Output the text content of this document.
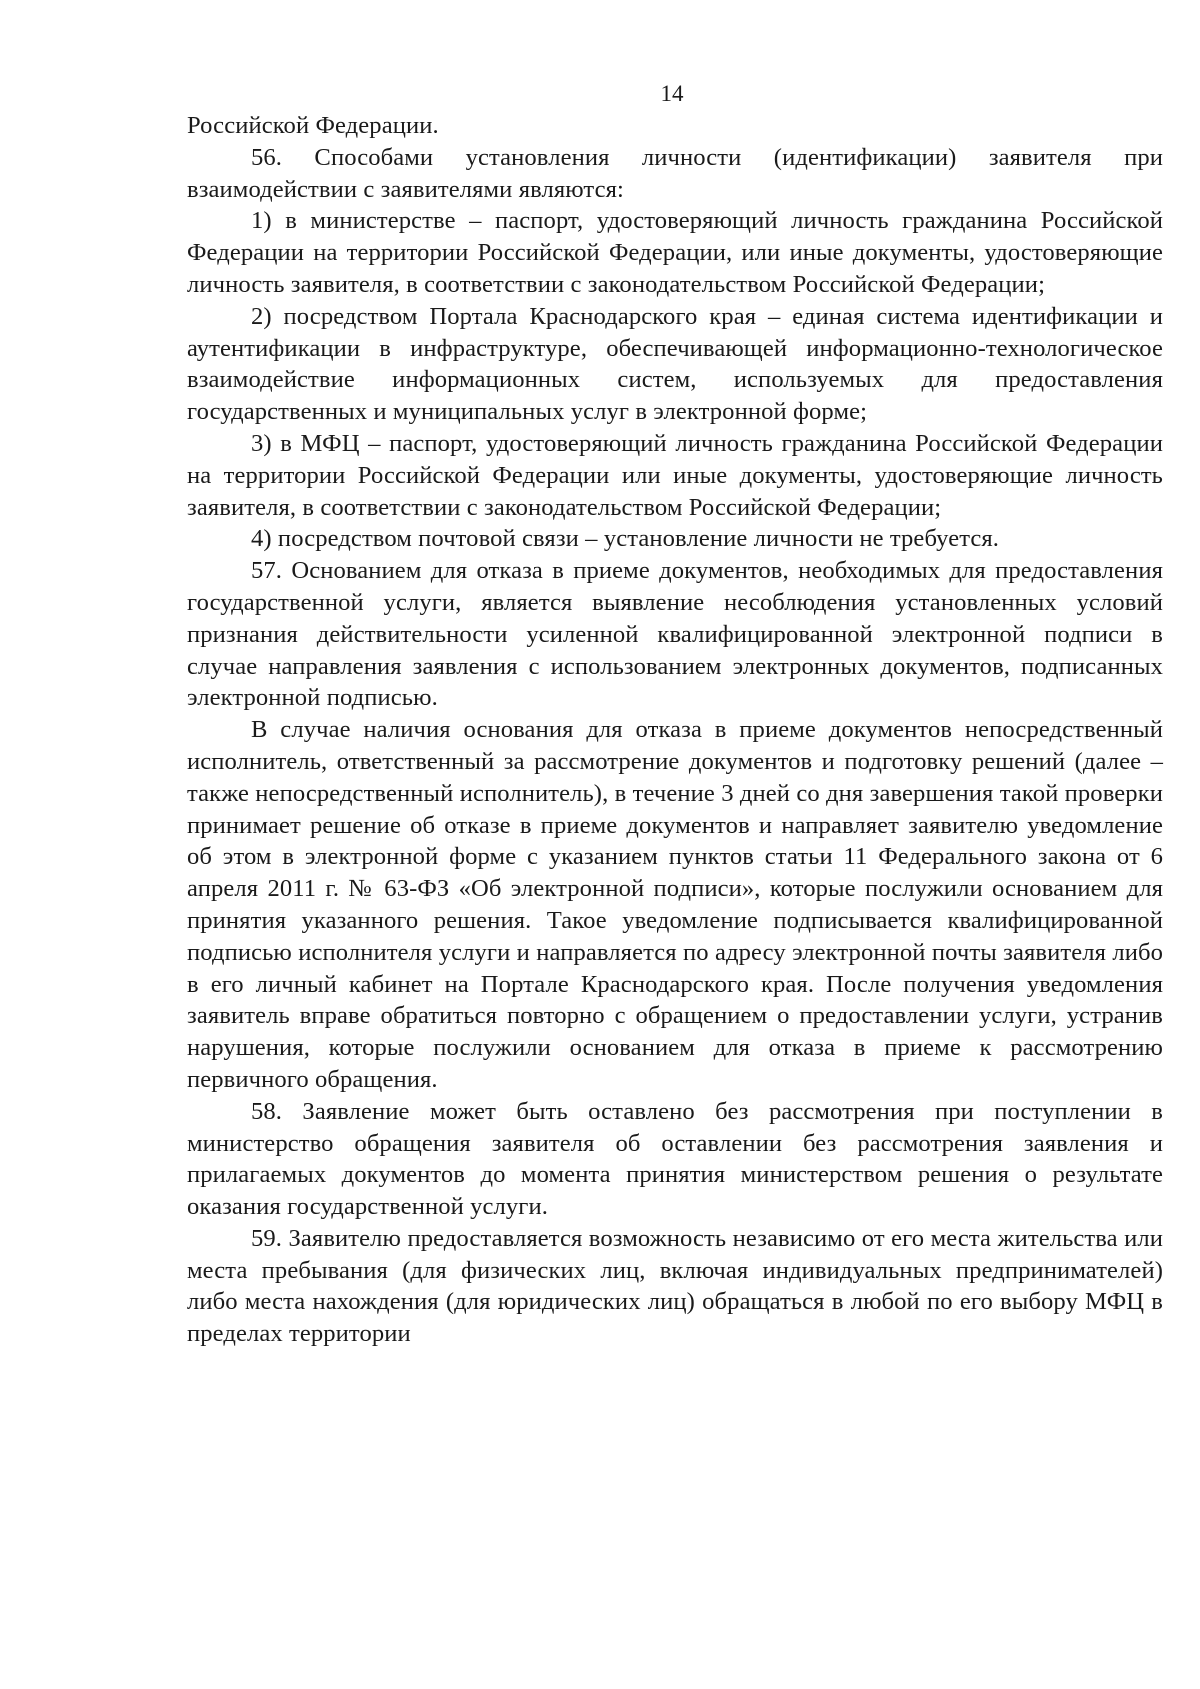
14

Российской Федерации.

56. Способами установления личности (идентификации) заявителя при взаимодействии с заявителями являются:

1) в министерстве – паспорт, удостоверяющий личность гражданина Российской Федерации на территории Российской Федерации, или иные документы, удостоверяющие личность заявителя, в соответствии с законодательством Российской Федерации;

2) посредством Портала Краснодарского края – единая система идентификации и аутентификации в инфраструктуре, обеспечивающей информационно-технологическое взаимодействие информационных систем, используемых для предоставления государственных и муниципальных услуг в электронной форме;

3) в МФЦ – паспорт, удостоверяющий личность гражданина Российской Федерации на территории Российской Федерации или иные документы, удостоверяющие личность заявителя, в соответствии с законодательством Российской Федерации;

4) посредством почтовой связи – установление личности не требуется.

57. Основанием для отказа в приеме документов, необходимых для предоставления государственной услуги, является выявление несоблюдения установленных условий признания действительности усиленной квалифицированной электронной подписи в случае направления заявления с использованием электронных документов, подписанных электронной подписью.

В случае наличия основания для отказа в приеме документов непосредственный исполнитель, ответственный за рассмотрение документов и подготовку решений (далее – также непосредственный исполнитель), в течение 3 дней со дня завершения такой проверки принимает решение об отказе в приеме документов и направляет заявителю уведомление об этом в электронной форме с указанием пунктов статьи 11 Федерального закона от 6 апреля 2011 г. № 63-ФЗ «Об электронной подписи», которые послужили основанием для принятия указанного решения. Такое уведомление подписывается квалифицированной подписью исполнителя услуги и направляется по адресу электронной почты заявителя либо в его личный кабинет на Портале Краснодарского края. После получения уведомления заявитель вправе обратиться повторно с обращением о предоставлении услуги, устранив нарушения, которые послужили основанием для отказа в приеме к рассмотрению первичного обращения.

58. Заявление может быть оставлено без рассмотрения при поступлении в министерство обращения заявителя об оставлении без рассмотрения заявления и прилагаемых документов до момента принятия министерством решения о результате оказания государственной услуги.

59. Заявителю предоставляется возможность независимо от его места жительства или места пребывания (для физических лиц, включая индивидуальных предпринимателей) либо места нахождения (для юридических лиц) обращаться в любой по его выбору МФЦ в пределах территории
